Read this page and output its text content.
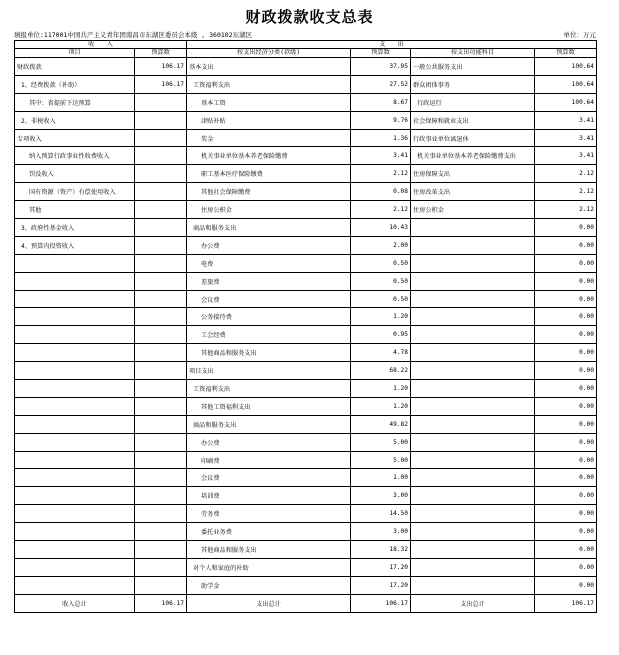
财政拨款收支总表
填报单位:117001中国共产主义青年团南昌市东湖区委员会本级 , 360102东湖区	单位：万元
收　　入		支　　出			
项目	预算数	按支出经济分类(款级)	预算数	按支出功能科目	预算数
财政拨款	106.17	基本支出	37.95	一般公共服务支出	100.64
1、经费拨款（补助）	106.17	工资福利支出	27.52	群众团体事务	100.64
其中：省提前下达预算		基本工资	8.67	行政运行	100.64
2、非税收入		津贴补贴	9.76	社会保障和就业支出	3.41
专项收入		奖金	1.36	行政事业单位离退休	3.41
纳入预算行政事业性收费收入		机关事业单位基本养老保险缴费	3.41	机关事业单位基本养老保险缴费支出	3.41
罚没收入		职工基本医疗保险缴费	2.12	住房保障支出	2.12
国有资源（资产）有偿使用收入		其他社会保障缴费	0.08	住房改革支出	2.12
其他		住房公积金	2.12	住房公积金	2.12
3、政府性基金收入		商品和服务支出	10.43		0.00
4、预算内投资收入		办公费	2.00		0.00
		电费	0.50		0.00
		差旅费	0.50		0.00
		会议费	0.50		0.00
		公务接待费	1.20		0.00
		工会经费	0.95		0.00
		其他商品和服务支出	4.78		0.00
		项目支出	68.22		0.00
		工资福利支出	1.20		0.00
		其他工资福利支出	1.20		0.00
		商品和服务支出	49.82		0.00
		办公费	5.00		0.00
		印刷费	5.00		0.00
		会议费	1.00		0.00
		培训费	3.00		0.00
		劳务费	14.50		0.00
		委托业务费	3.00		0.00
		其他商品和服务支出	18.32		0.00
		对个人和家庭的补助	17.20		0.00
		助学金	17.20		0.00
收入总计	106.17	支出总计	106.17	支出总计	106.17
